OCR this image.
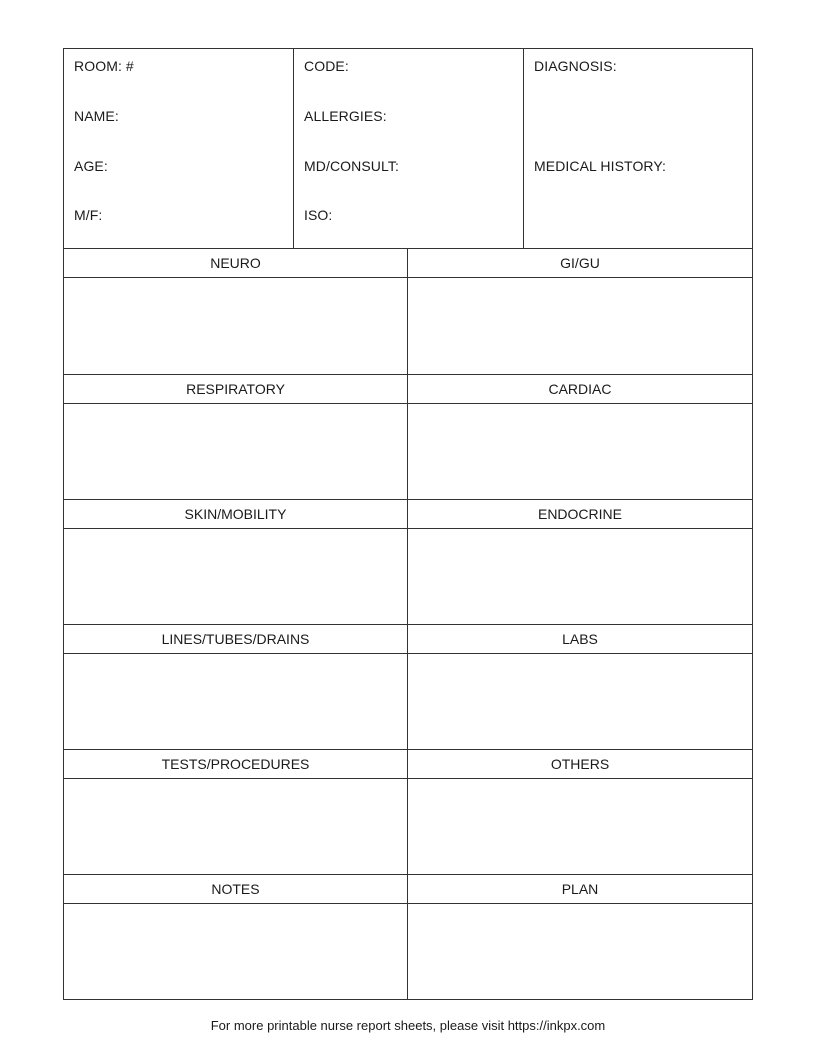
ROOM: #
NAME:
AGE:
M/F:
CODE:
ALLERGIES:
MD/CONSULT:
ISO:
DIAGNOSIS:
MEDICAL HISTORY:
NEURO	GI/GU
RESPIRATORY	CARDIAC
SKIN/MOBILITY	ENDOCRINE
LINES/TUBES/DRAINS	LABS
TESTS/PROCEDURES	OTHERS
NOTES	PLAN
For more printable nurse report sheets, please visit https://inkpx.com
